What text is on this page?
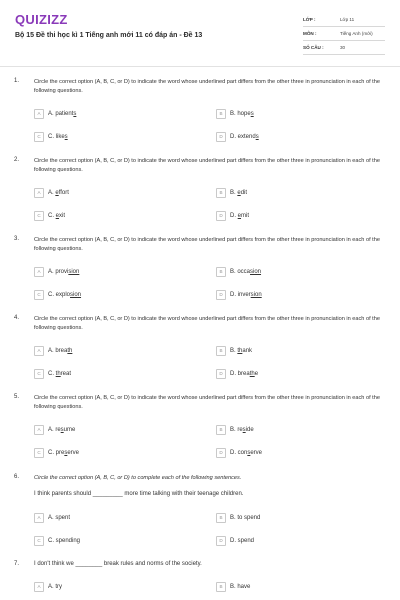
QUIZIZZ
Bộ 15 Đề thi học kì 1 Tiếng anh mới 11 có đáp án - Đề 13
LỚP :	Lớp 11
MÔN :	Tiếng Anh (mới)
SỐ CÂU :	30
1.	Circle the correct option (A, B, C, or D) to indicate the word whose underlined part differs from the other three in pronunciation in each of the following questions.
A	A. patients	B	B. hopes
C	C. likes	D	D. extends
2.	Circle the correct option (A, B, C, or D) to indicate the word whose underlined part differs from the other three in pronunciation in each of the following questions.
A	A. effort	B	B. edit
C	C. exit	D	D. emit
3.	Circle the correct option (A, B, C, or D) to indicate the word whose underlined part differs from the other three in pronunciation in each of the following questions.
A	A. provision	B	B. occasion
C	C. explosion	D	D. inversion
4.	Circle the correct option (A, B, C, or D) to indicate the word whose underlined part differs from the other three in pronunciation in each of the following questions.
A	A. breath	B	B. thank
C	C. threat	D	D. breathe
5.	Circle the correct option (A, B, C, or D) to indicate the word whose underlined part differs from the other three in pronunciation in each of the following questions.
A	A. resume	B	B. reside
C	C. preserve	D	D. conserve
6.	Circle the correct option (A, B, C, or D) to complete each of the following sentences.
I think parents should _________ more time talking with their teenage children.
A	A. spent	B	B. to spend
C	C. spending	D	D. spend
7. I don't think we ________ break rules and norms of the society.
A	A. try	B	B. have
